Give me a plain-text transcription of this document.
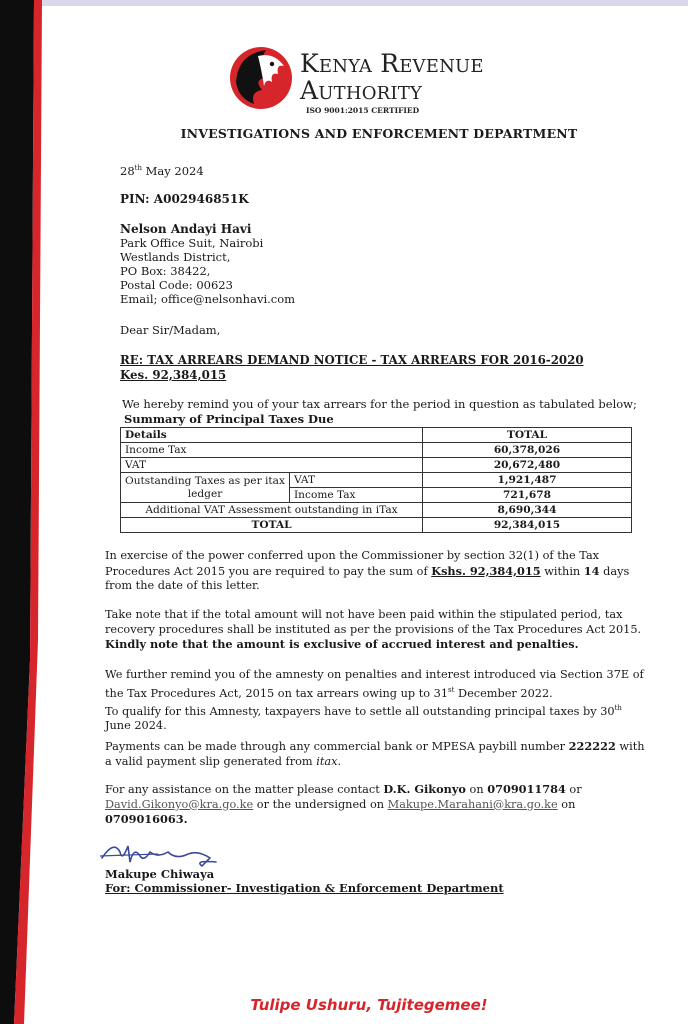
Kenya Revenue
Authority
ISO 9001:2015 CERTIFIED
INVESTIGATIONS AND ENFORCEMENT DEPARTMENT
28th May 2024
PIN: A002946851K
Nelson Andayi Havi
Park Office Suit, Nairobi
Westlands District,
PO Box: 38422,
Postal Code: 00623
Email; office@nelsonhavi.com
Dear Sir/Madam,
RE: TAX ARREARS DEMAND NOTICE - TAX ARREARS FOR 2016-2020
Kes. 92,384,015
We hereby remind you of your tax arrears for the period in question as tabulated below;
Summary of Principal Taxes Due
Details		TOTAL
Income Tax		60,378,026
VAT		20,672,480
Outstanding Taxes as per itax ledger	VAT	1,921,487
	Income Tax	721,678
Additional VAT Assessment outstanding in iTax		8,690,344
TOTAL		92,384,015
In exercise of the power conferred upon the Commissioner by section 32(1) of the Tax Procedures Act 2015 you are required to pay the sum of Kshs. 92,384,015 within 14 days from the date of this letter.
Take note that if the total amount will not have been paid within the stipulated period, tax recovery procedures shall be instituted as per the provisions of the Tax Procedures Act 2015.
Kindly note that the amount is exclusive of accrued interest and penalties.
We further remind you of the amnesty on penalties and interest introduced via Section 37E of the Tax Procedures Act, 2015 on tax arrears owing up to 31st December 2022.
To qualify for this Amnesty, taxpayers have to settle all outstanding principal taxes by 30th June 2024.
Payments can be made through any commercial bank or MPESA paybill number 222222 with a valid payment slip generated from itax.
For any assistance on the matter please contact D.K. Gikonyo on 0709011784 or
David.Gikonyo@kra.go.ke or the undersigned on Makupe.Marahani@kra.go.ke on
0709016063.
Makupe Chiwaya
For: Commissioner- Investigation & Enforcement Department
Tulipe Ushuru, Tujitegemee!
